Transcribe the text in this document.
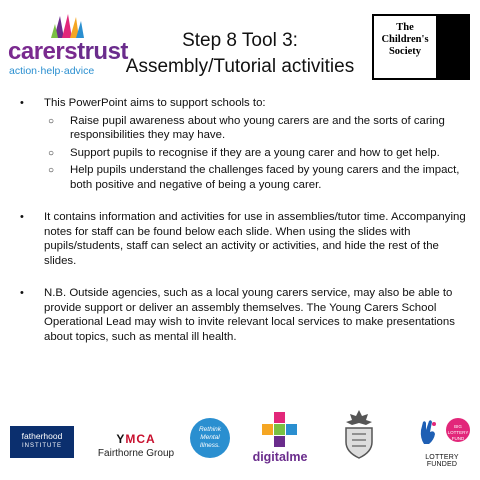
carerstrust
action·help·advice
Step 8 Tool 3:
Assembly/Tutorial activities
The
Children's
Society
• This PowerPoint aims to support schools to:
○ Raise pupil awareness about who young carers are and the sorts of caring responsibilities they may have.
○ Support pupils to recognise if they are a young carer and how to get help.
○ Help pupils understand the challenges faced by young carers and the impact, both positive and negative of being a young carer.
• It contains information and activities for use in assemblies/tutor time. Accompanying notes for staff can be found below each slide. When using the slides with pupils/students, staff can select an activity or activities, and hide the rest of the slides.
• N.B. Outside agencies, such as a local young carers service, may also be able to provide support or deliver an assembly themselves. The Young Carers School Operational Lead may wish to invite relevant local services to make presentations about topics, such as mental ill health.
fatherhood
INSTITUTE	YMCA
Fairthorne Group
Rethink
Mental
Illness.
digitalme
BIG
LOTTERY
FUND
LOTTERY FUNDED
